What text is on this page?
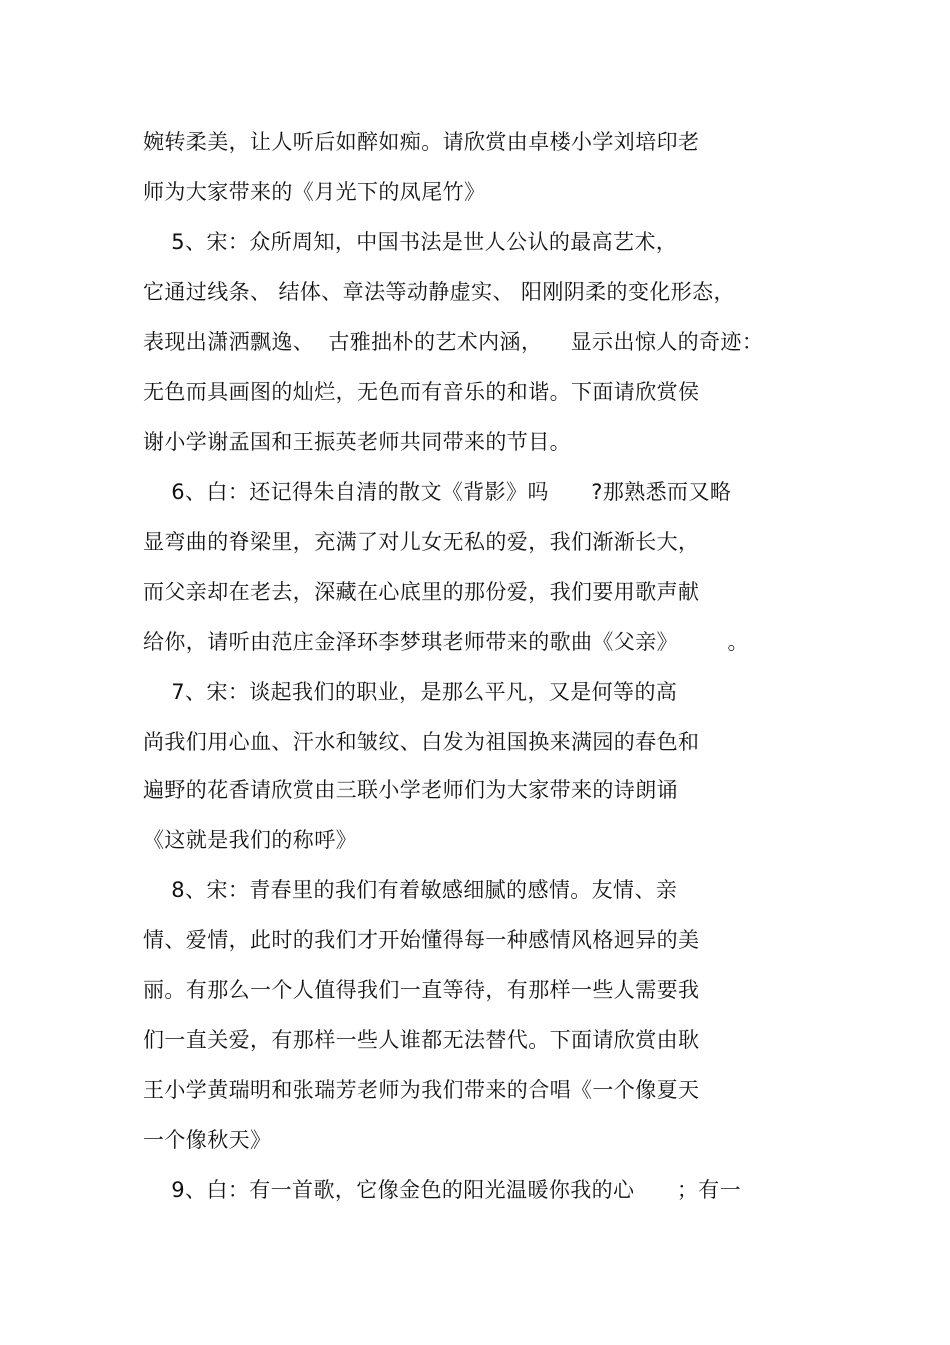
婉转柔美，让人听后如醉如痴。请欣赏由卓楼小学刘培印老
师为大家带来的《月光下的凤尾竹》
5、宋：众所周知，中国书法是世人公认的最高艺术，
它通过线条、 结体、章法等动静虚实、 阳刚阴柔的变化形态，
表现出潇洒飘逸、  古雅拙朴的艺术内涵，    显示出惊人的奇迹：
无色而具画图的灿烂，无色而有音乐的和谐。下面请欣赏侯
谢小学谢孟国和王振英老师共同带来的节目。
6、白：还记得朱自清的散文《背影》吗      ?那熟悉而又略
显弯曲的脊梁里，充满了对儿女无私的爱，我们渐渐长大，
而父亲却在老去，深藏在心底里的那份爱，我们要用歌声献
给你，请听由范庄金泽环李梦琪老师带来的歌曲《父亲》       。
7、宋：谈起我们的职业，是那么平凡，又是何等的高
尚我们用心血、汗水和皱纹、白发为祖国换来满园的春色和
遍野的花香请欣赏由三联小学老师们为大家带来的诗朗诵
《这就是我们的称呼》
8、宋：青春里的我们有着敏感细腻的感情。友情、亲
情、爱情，此时的我们才开始懂得每一种感情风格迥异的美
丽。有那么一个人值得我们一直等待，有那样一些人需要我
们一直关爱，有那样一些人谁都无法替代。下面请欣赏由耿
王小学黄瑞明和张瑞芳老师为我们带来的合唱《一个像夏天
一个像秋天》
9、白：有一首歌，它像金色的阳光温暖你我的心      ；有一
